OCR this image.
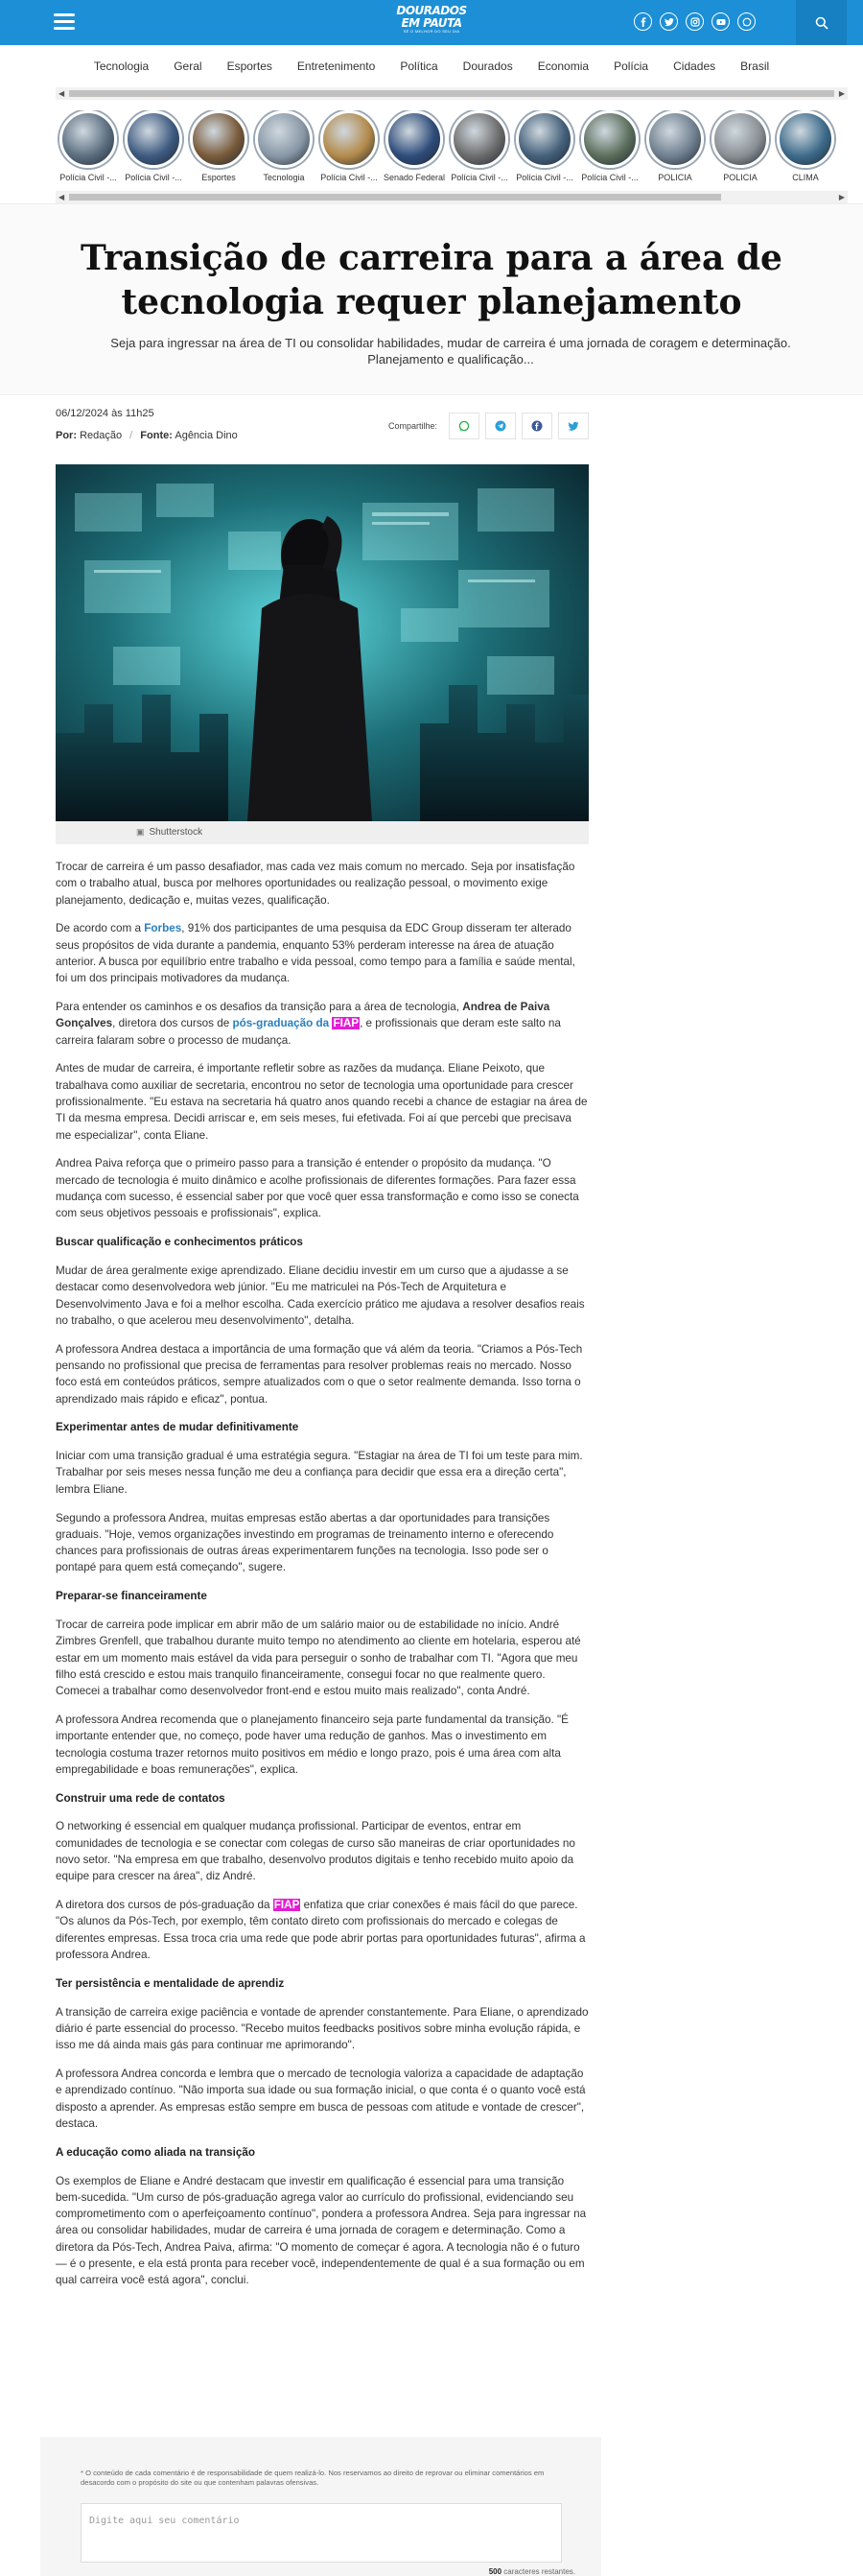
DOURADOS
EM PAUTA
SÉ O MELHOR DO SEU DIA
Tecnologia	Geral	Esportes	Entretenimento	Política	Dourados	Economia	Polícia	Cidades	Brasil
◀	▶
Polícia Civil -... Polícia Civil -...	Esportes	Tecnologia	Polícia Civil -... Senado Federal Polícia Civil -... Polícia Civil -... Polícia Civil -...	POLICIA	POLICIA	CLIMA
◀	▶
Transição de carreira para a área de tecnologia requer planejamento

Seja para ingressar na área de TI ou consolidar habilidades, mudar de carreira é uma jornada de coragem e determinação. Planejamento e qualificação...

06/12/2024 às 11h25
Por: Redação / Fonte: Agência Dino
Compartilhe:
▣ Shutterstock

Trocar de carreira é um passo desafiador, mas cada vez mais comum no mercado. Seja por insatisfação com o trabalho atual, busca por melhores oportunidades ou realização pessoal, o movimento exige planejamento, dedicação e, muitas vezes, qualificação.

De acordo com a Forbes, 91% dos participantes de uma pesquisa da EDC Group disseram ter alterado seus propósitos de vida durante a pandemia, enquanto 53% perderam interesse na área de atuação anterior. A busca por equilíbrio entre trabalho e vida pessoal, como tempo para a família e saúde mental, foi um dos principais motivadores da mudança.

Para entender os caminhos e os desafios da transição para a área de tecnologia, Andrea de Paiva Gonçalves, diretora dos cursos de pós-graduação da FIAP, e profissionais que deram este salto na carreira falaram sobre o processo de mudança.

Antes de mudar de carreira, é importante refletir sobre as razões da mudança. Eliane Peixoto, que trabalhava como auxiliar de secretaria, encontrou no setor de tecnologia uma oportunidade para crescer profissionalmente. "Eu estava na secretaria há quatro anos quando recebi a chance de estagiar na área de TI da mesma empresa. Decidi arriscar e, em seis meses, fui efetivada. Foi aí que percebi que precisava me especializar", conta Eliane.

Andrea Paiva reforça que o primeiro passo para a transição é entender o propósito da mudança. "O mercado de tecnologia é muito dinâmico e acolhe profissionais de diferentes formações. Para fazer essa mudança com sucesso, é essencial saber por que você quer essa transformação e como isso se conecta com seus objetivos pessoais e profissionais", explica.

Buscar qualificação e conhecimentos práticos

Mudar de área geralmente exige aprendizado. Eliane decidiu investir em um curso que a ajudasse a se destacar como desenvolvedora web júnior. "Eu me matriculei na Pós-Tech de Arquitetura e Desenvolvimento Java e foi a melhor escolha. Cada exercício prático me ajudava a resolver desafios reais no trabalho, o que acelerou meu desenvolvimento", detalha.

A professora Andrea destaca a importância de uma formação que vá além da teoria. "Criamos a Pós-Tech pensando no profissional que precisa de ferramentas para resolver problemas reais no mercado. Nosso foco está em conteúdos práticos, sempre atualizados com o que o setor realmente demanda. Isso torna o aprendizado mais rápido e eficaz", pontua.

Experimentar antes de mudar definitivamente

Iniciar com uma transição gradual é uma estratégia segura. "Estagiar na área de TI foi um teste para mim. Trabalhar por seis meses nessa função me deu a confiança para decidir que essa era a direção certa", lembra Eliane.

Segundo a professora Andrea, muitas empresas estão abertas a dar oportunidades para transições graduais. "Hoje, vemos organizações investindo em programas de treinamento interno e oferecendo chances para profissionais de outras áreas experimentarem funções na tecnologia. Isso pode ser o pontapé para quem está começando", sugere.

Preparar-se financeiramente

Trocar de carreira pode implicar em abrir mão de um salário maior ou de estabilidade no início. André Zimbres Grenfell, que trabalhou durante muito tempo no atendimento ao cliente em hotelaria, esperou até estar em um momento mais estável da vida para perseguir o sonho de trabalhar com TI. "Agora que meu filho está crescido e estou mais tranquilo financeiramente, consegui focar no que realmente quero. Comecei a trabalhar como desenvolvedor front-end e estou muito mais realizado", conta André.

A professora Andrea recomenda que o planejamento financeiro seja parte fundamental da transição. "É importante entender que, no começo, pode haver uma redução de ganhos. Mas o investimento em tecnologia costuma trazer retornos muito positivos em médio e longo prazo, pois é uma área com alta empregabilidade e boas remunerações", explica.

Construir uma rede de contatos

O networking é essencial em qualquer mudança profissional. Participar de eventos, entrar em comunidades de tecnologia e se conectar com colegas de curso são maneiras de criar oportunidades no novo setor. "Na empresa em que trabalho, desenvolvo produtos digitais e tenho recebido muito apoio da equipe para crescer na área", diz André.

A diretora dos cursos de pós-graduação da FIAP enfatiza que criar conexões é mais fácil do que parece. "Os alunos da Pós-Tech, por exemplo, têm contato direto com profissionais do mercado e colegas de diferentes empresas. Essa troca cria uma rede que pode abrir portas para oportunidades futuras", afirma a professora Andrea.

Ter persistência e mentalidade de aprendiz

A transição de carreira exige paciência e vontade de aprender constantemente. Para Eliane, o aprendizado diário é parte essencial do processo. "Recebo muitos feedbacks positivos sobre minha evolução rápida, e isso me dá ainda mais gás para continuar me aprimorando".

A professora Andrea concorda e lembra que o mercado de tecnologia valoriza a capacidade de adaptação e aprendizado contínuo. "Não importa sua idade ou sua formação inicial, o que conta é o quanto você está disposto a aprender. As empresas estão sempre em busca de pessoas com atitude e vontade de crescer", destaca.

A educação como aliada na transição

Os exemplos de Eliane e André destacam que investir em qualificação é essencial para uma transição bem-sucedida. "Um curso de pós-graduação agrega valor ao currículo do profissional, evidenciando seu comprometimento com o aperfeiçoamento contínuo", pondera a professora Andrea. Seja para ingressar na área ou consolidar habilidades, mudar de carreira é uma jornada de coragem e determinação. Como a diretora da Pós-Tech, Andrea Paiva, afirma: "O momento de começar é agora. A tecnologia não é o futuro — é o presente, e ela está pronta para receber você, independentemente de qual é a sua formação ou em qual carreira você está agora", conclui.

* O conteúdo de cada comentário é de responsabilidade de quem realizá-lo. Nos reservamos ao direito de reprovar ou eliminar comentários em desacordo com o propósito do site ou que contenham palavras ofensivas.
Digite aqui seu comentário
500 caracteres restantes.
